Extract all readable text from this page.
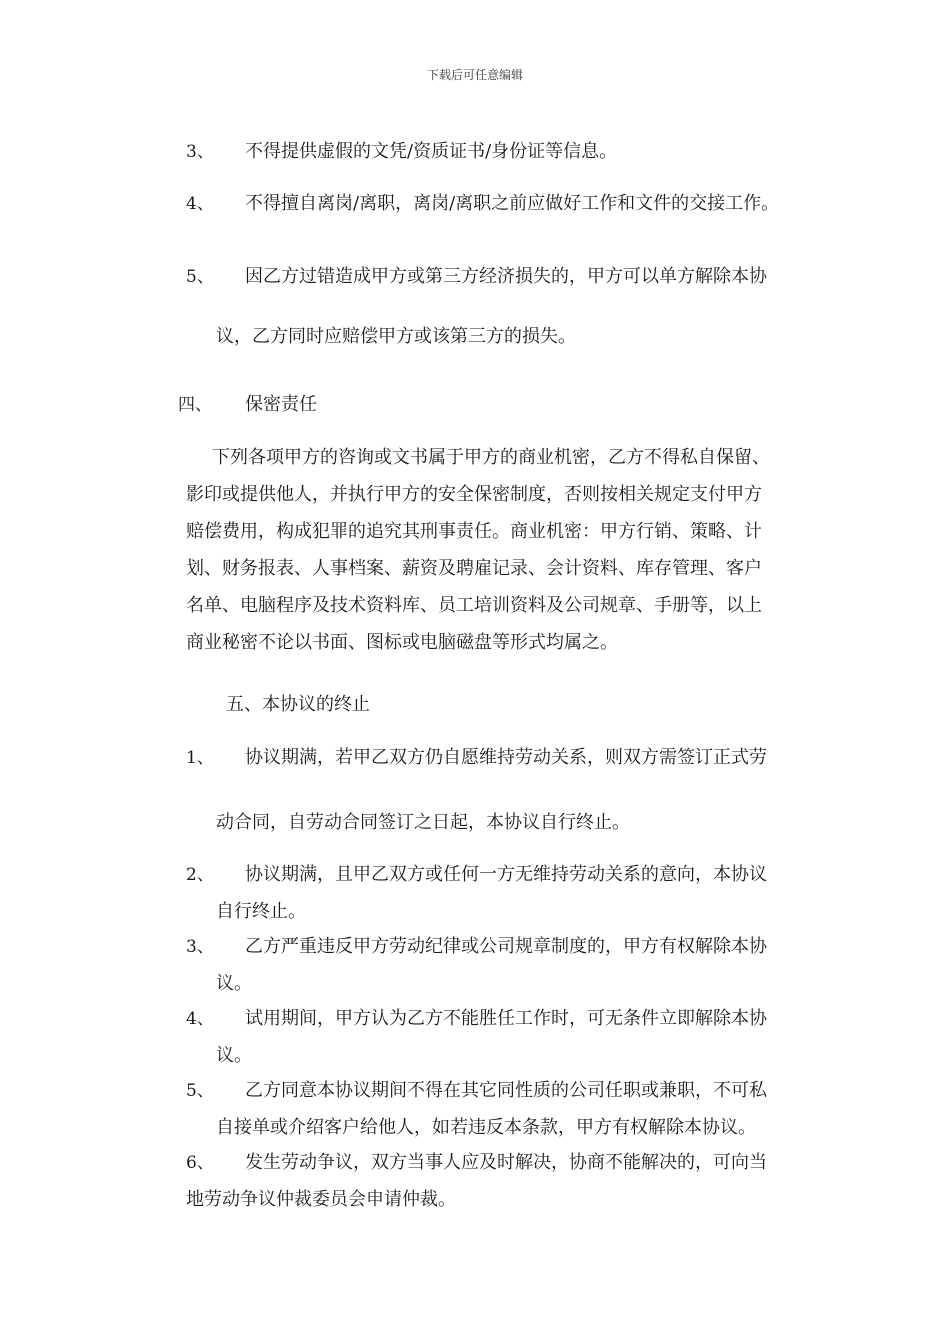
下载后可任意编辑
3、 不得提供虚假的文凭/资质证书/身份证等信息。
4、 不得擅自离岗/离职，离岗/离职之前应做好工作和文件的交接工作。
5、 因乙方过错造成甲方或第三方经济损失的，甲方可以单方解除本协
议，乙方同时应赔偿甲方或该第三方的损失。
四、 保密责任
下列各项甲方的咨询或文书属于甲方的商业机密，乙方不得私自保留、
影印或提供他人，并执行甲方的安全保密制度，否则按相关规定支付甲方
赔偿费用，构成犯罪的追究其刑事责任。商业机密：甲方行销、策略、计
划、财务报表、人事档案、薪资及聘雇记录、会计资料、库存管理、客户
名单、电脑程序及技术资料库、员工培训资料及公司规章、手册等，以上
商业秘密不论以书面、图标或电脑磁盘等形式均属之。
五、本协议的终止
1、 协议期满，若甲乙双方仍自愿维持劳动关系，则双方需签订正式劳
动合同，自劳动合同签订之日起，本协议自行终止。
2、 协议期满，且甲乙双方或任何一方无维持劳动关系的意向，本协议
自行终止。
3、 乙方严重违反甲方劳动纪律或公司规章制度的，甲方有权解除本协
议。
4、 试用期间，甲方认为乙方不能胜任工作时，可无条件立即解除本协
议。
5、 乙方同意本协议期间不得在其它同性质的公司任职或兼职，不可私
自接单或介绍客户给他人，如若违反本条款，甲方有权解除本协议。
6、 发生劳动争议，双方当事人应及时解决，协商不能解决的，可向当
地劳动争议仲裁委员会申请仲裁。
